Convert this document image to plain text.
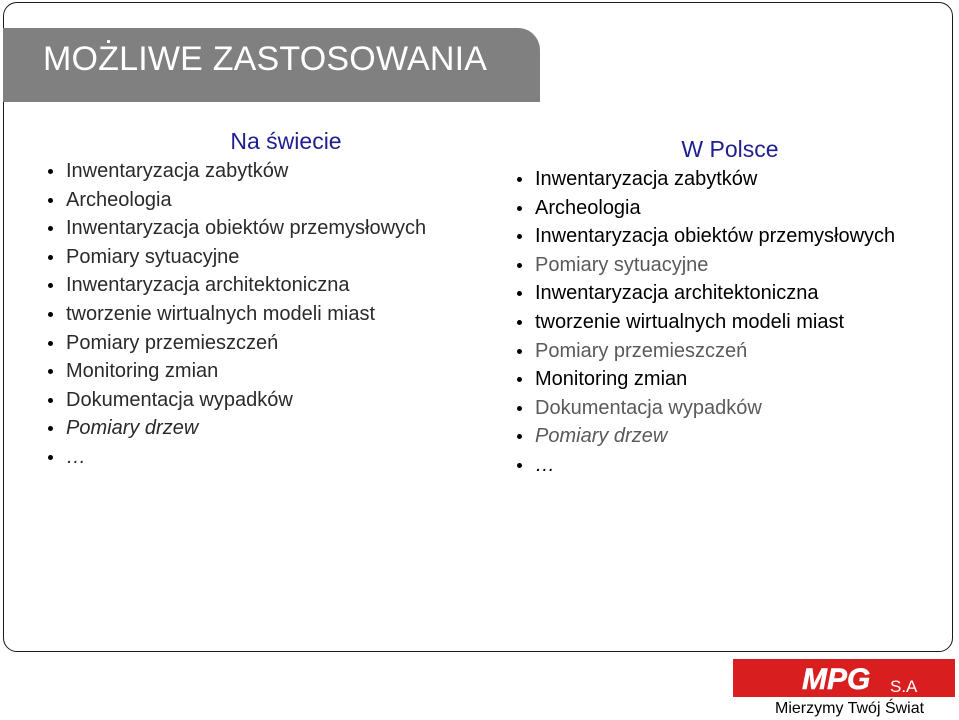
MOŻLIWE ZASTOSOWANIA
Na świecie
Inwentaryzacja zabytków
Archeologia
Inwentaryzacja obiektów przemysłowych
Pomiary sytuacyjne
Inwentaryzacja architektoniczna
tworzenie wirtualnych modeli miast
Pomiary przemieszczeń
Monitoring zmian
Dokumentacja wypadków
Pomiary drzew
…
W Polsce
Inwentaryzacja zabytków
Archeologia
Inwentaryzacja obiektów przemysłowych
Pomiary sytuacyjne
Inwentaryzacja architektoniczna
tworzenie wirtualnych modeli miast
Pomiary przemieszczeń
Monitoring zmian
Dokumentacja wypadków
Pomiary drzew
…
MPG S.A
Mierzymy Twój Świat
